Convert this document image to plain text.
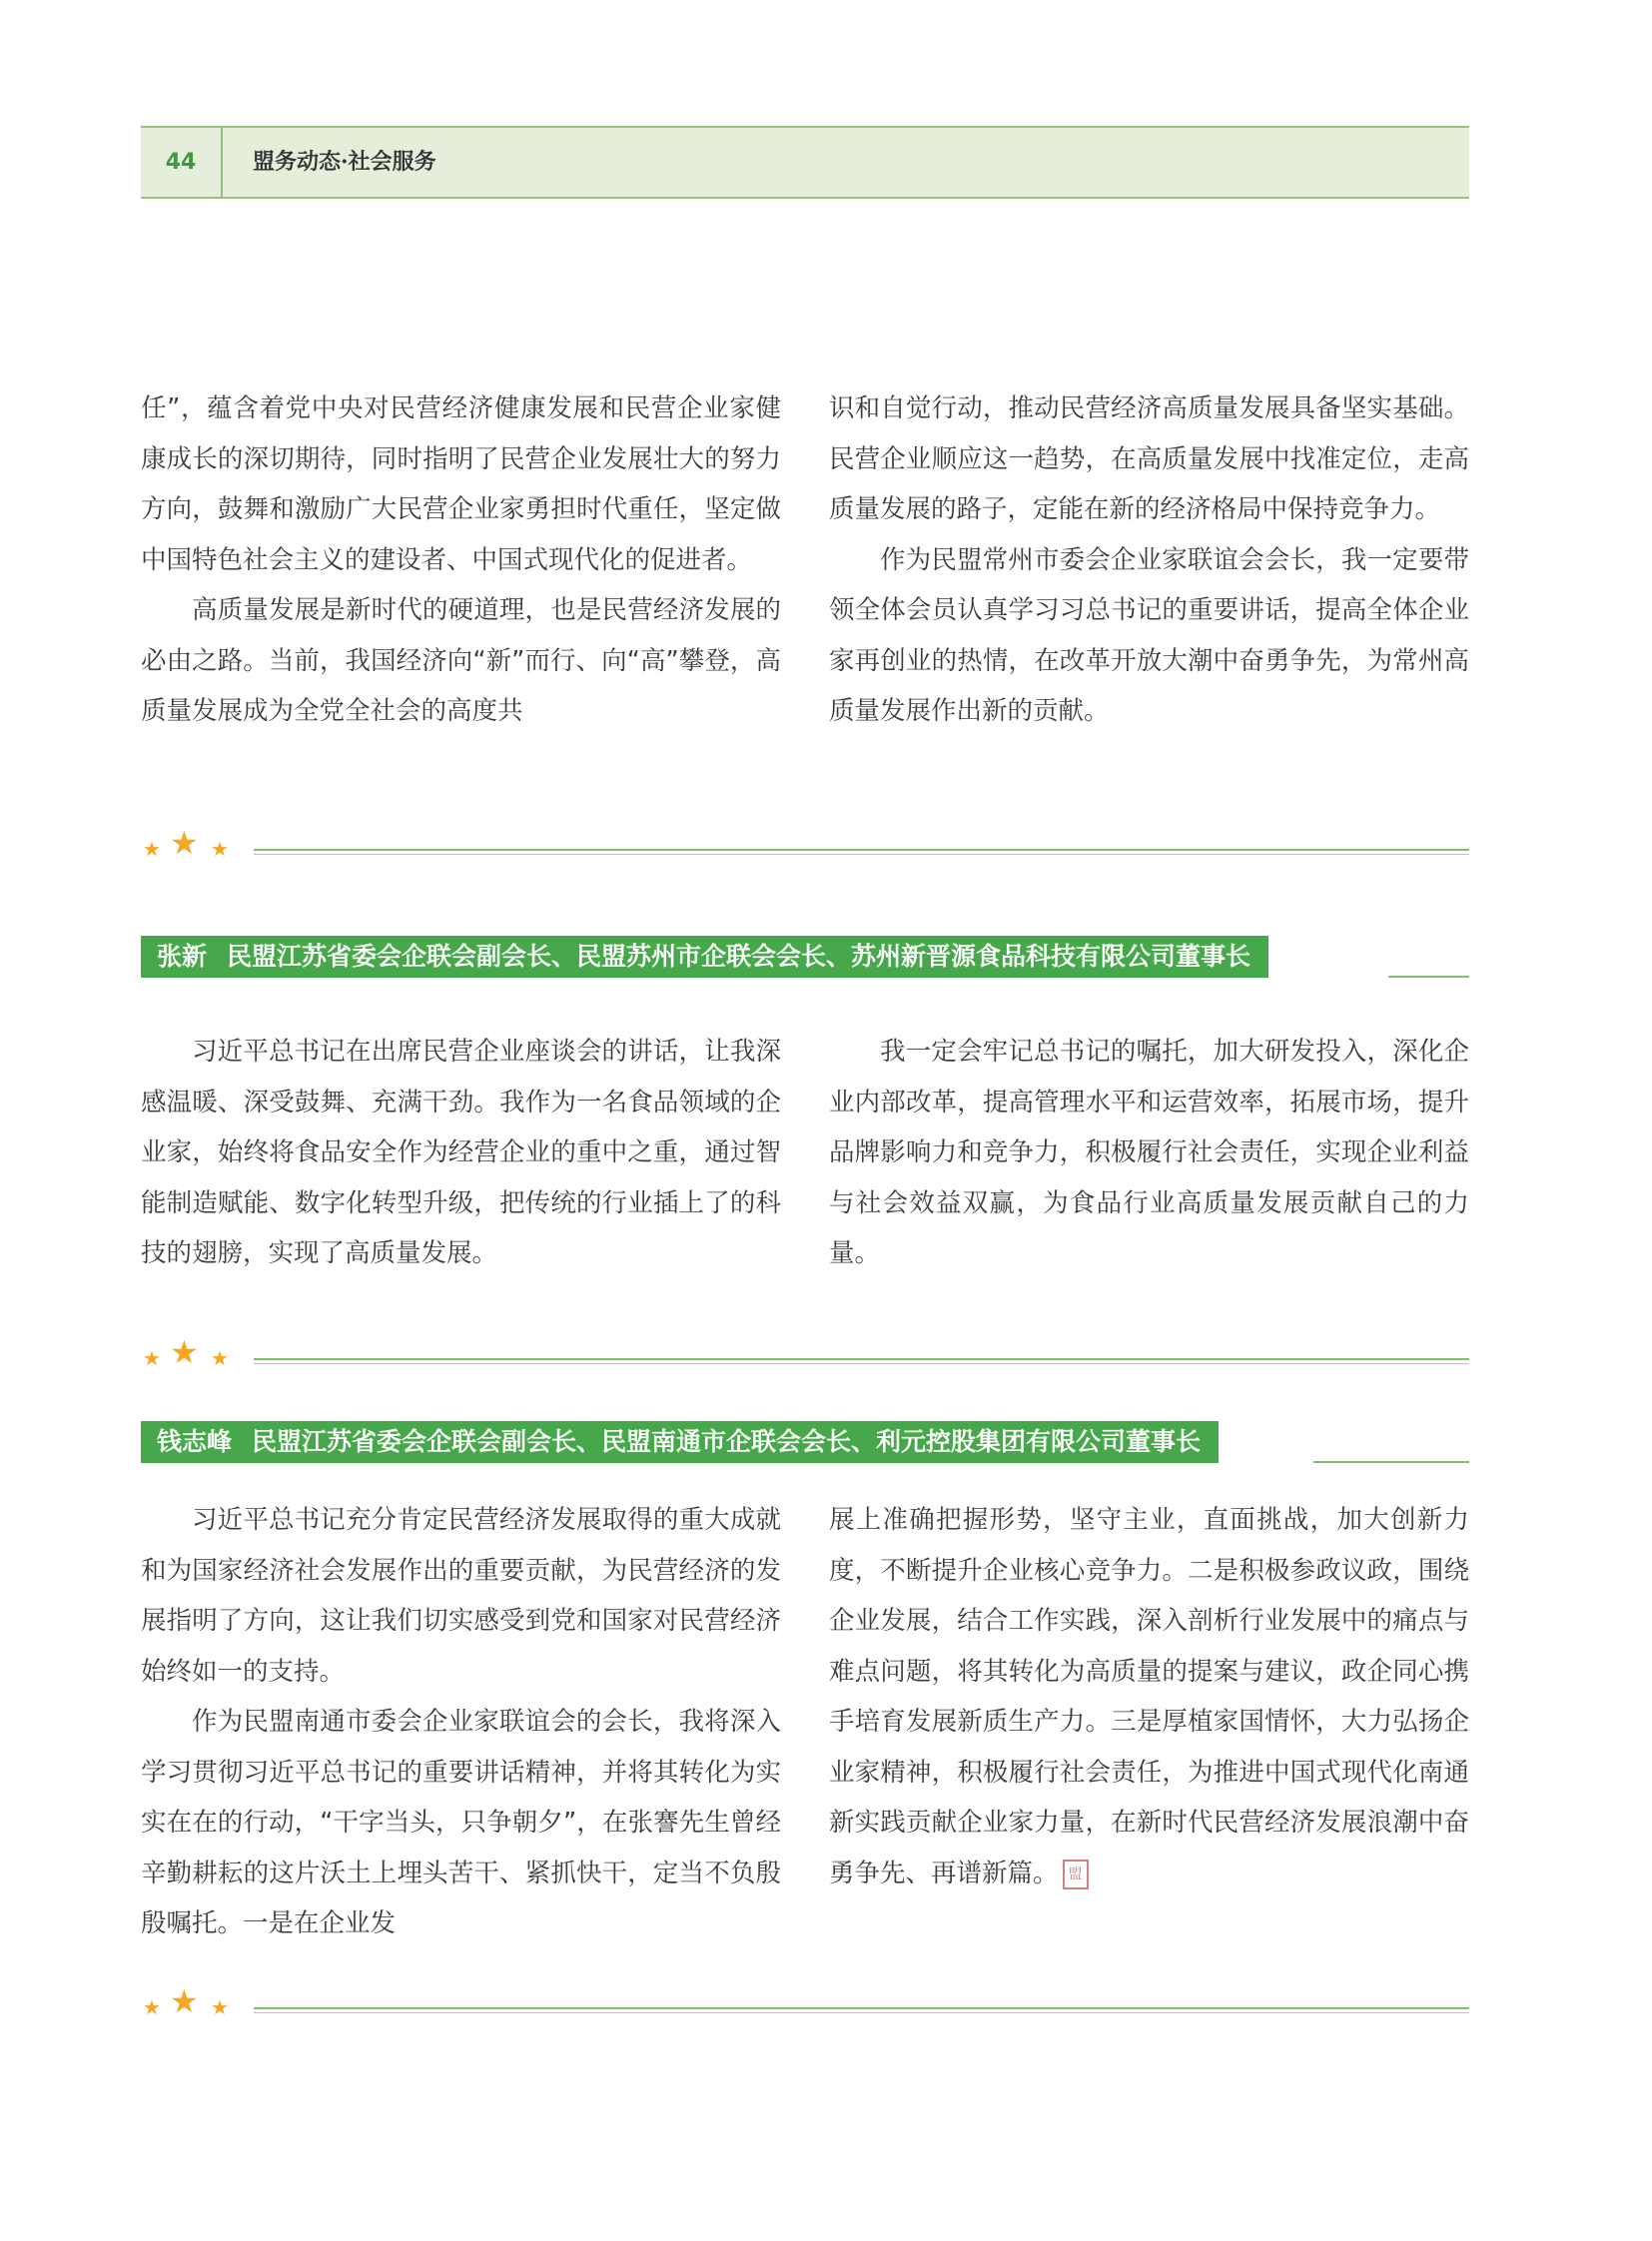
44	盟务动态·社会服务

任”，蕴含着党中央对民营经济健康发展和民营企业家健康成长的深切期待，同时指明了民营企业发展壮大的努力方向，鼓舞和激励广大民营企业家勇担时代重任，坚定做中国特色社会主义的建设者、中国式现代化的促进者。

高质量发展是新时代的硬道理，也是民营经济发展的必由之路。当前，我国经济向“新”而行、向“高”攀登，高质量发展成为全党全社会的高度共

识和自觉行动，推动民营经济高质量发展具备坚实基础。民营企业顺应这一趋势，在高质量发展中找准定位，走高质量发展的路子，定能在新的经济格局中保持竞争力。

作为民盟常州市委会企业家联谊会会长，我一定要带领全体会员认真学习习总书记的重要讲话，提高全体企业家再创业的热情，在改革开放大潮中奋勇争先，为常州高质量发展作出新的贡献。

★ ★ ★
张新 民盟江苏省委会企联会副会长、民盟苏州市企联会会长、苏州新晋源食品科技有限公司董事长

习近平总书记在出席民营企业座谈会的讲话，让我深感温暖、深受鼓舞、充满干劲。我作为一名食品领域的企业家，始终将食品安全作为经营企业的重中之重，通过智能制造赋能、数字化转型升级，把传统的行业插上了的科技的翅膀，实现了高质量发展。

我一定会牢记总书记的嘱托，加大研发投入，深化企业内部改革，提高管理水平和运营效率，拓展市场，提升品牌影响力和竞争力，积极履行社会责任，实现企业利益与社会效益双赢，为食品行业高质量发展贡献自己的力量。

★ ★ ★
钱志峰 民盟江苏省委会企联会副会长、民盟南通市企联会会长、利元控股集团有限公司董事长

习近平总书记充分肯定民营经济发展取得的重大成就和为国家经济社会发展作出的重要贡献，为民营经济的发展指明了方向，这让我们切实感受到党和国家对民营经济始终如一的支持。

作为民盟南通市委会企业家联谊会的会长，我将深入学习贯彻习近平总书记的重要讲话精神，并将其转化为实实在在的行动，“干字当头，只争朝夕”，在张謇先生曾经辛勤耕耘的这片沃土上埋头苦干、紧抓快干，定当不负殷殷嘱托。一是在企业发

展上准确把握形势，坚守主业，直面挑战，加大创新力度，不断提升企业核心竞争力。二是积极参政议政，围绕企业发展，结合工作实践，深入剖析行业发展中的痛点与难点问题，将其转化为高质量的提案与建议，政企同心携手培育发展新质生产力。三是厚植家国情怀，大力弘扬企业家精神，积极履行社会责任，为推进中国式现代化南通新实践贡献企业家力量，在新时代民营经济发展浪潮中奋勇争先、再谱新篇。 盟

★ ★ ★
